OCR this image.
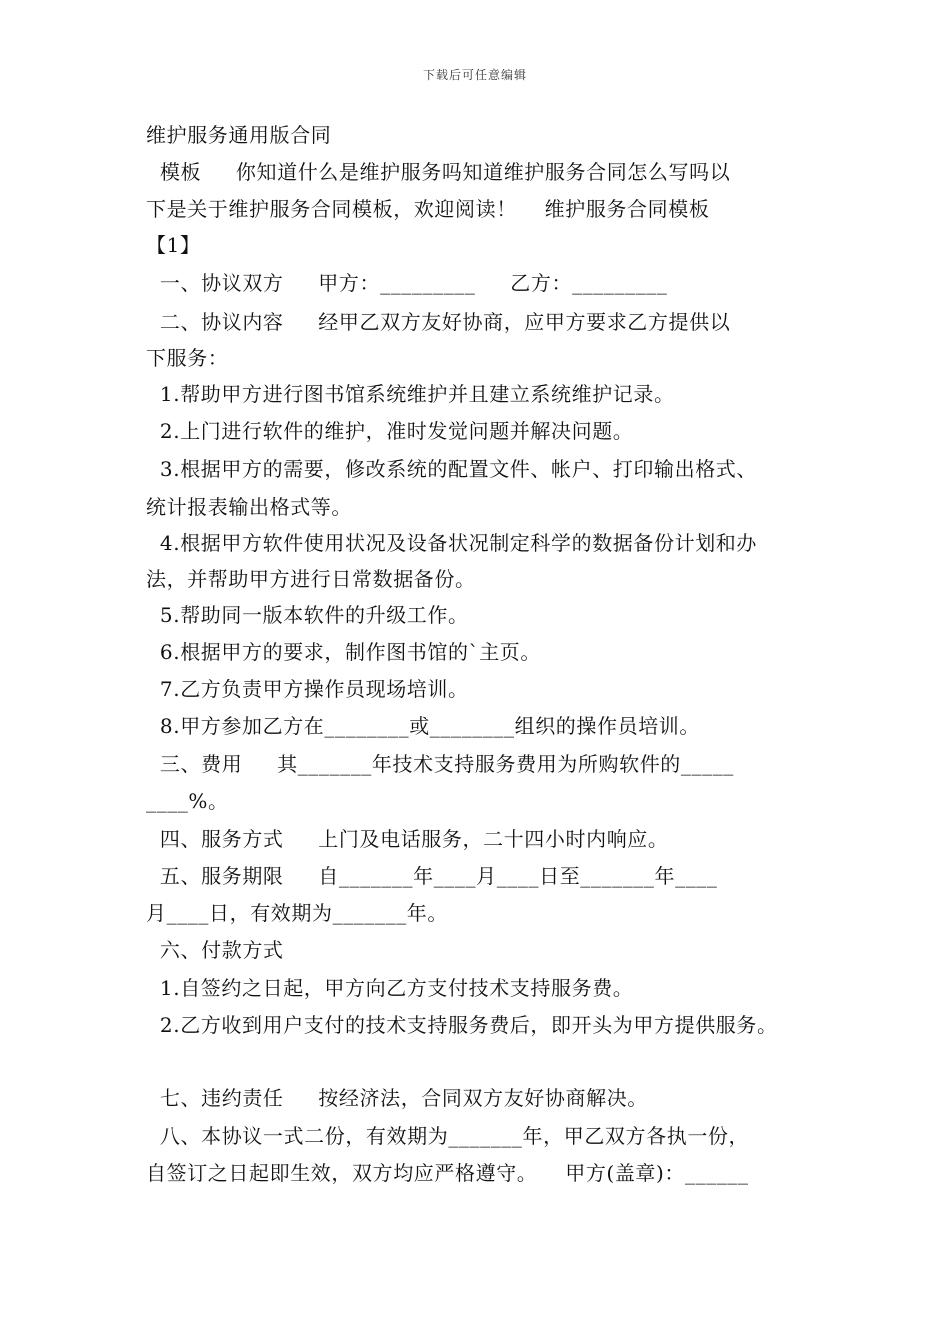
下载后可任意编辑
维护服务通用版合同
模板     你知道什么是维护服务吗知道维护服务合同怎么写吗以
下是关于维护服务合同模板，欢迎阅读！    维护服务合同模板
【1】
一、协议双方     甲方：_________     乙方：_________
二、协议内容     经甲乙双方友好协商，应甲方要求乙方提供以
下服务：
1.帮助甲方进行图书馆系统维护并且建立系统维护记录。
2.上门进行软件的维护，准时发觉问题并解决问题。
3.根据甲方的需要，修改系统的配置文件、帐户、打印输出格式、
统计报表输出格式等。
4.根据甲方软件使用状况及设备状况制定科学的数据备份计划和办
法，并帮助甲方进行日常数据备份。
5.帮助同一版本软件的升级工作。
6.根据甲方的要求，制作图书馆的`主页。
7.乙方负责甲方操作员现场培训。
8.甲方参加乙方在________或________组织的操作员培训。
三、费用     其_______年技术支持服务费用为所购软件的_____
____%。
四、服务方式     上门及电话服务，二十四小时内响应。
五、服务期限     自_______年____月____日至_______年____
月____日，有效期为_______年。
六、付款方式
1.自签约之日起，甲方向乙方支付技术支持服务费。
2.乙方收到用户支付的技术支持服务费后，即开头为甲方提供服务。
七、违约责任     按经济法，合同双方友好协商解决。
八、本协议一式二份，有效期为_______年，甲乙双方各执一份，
自签订之日起即生效，双方均应严格遵守。    甲方(盖章)：______
